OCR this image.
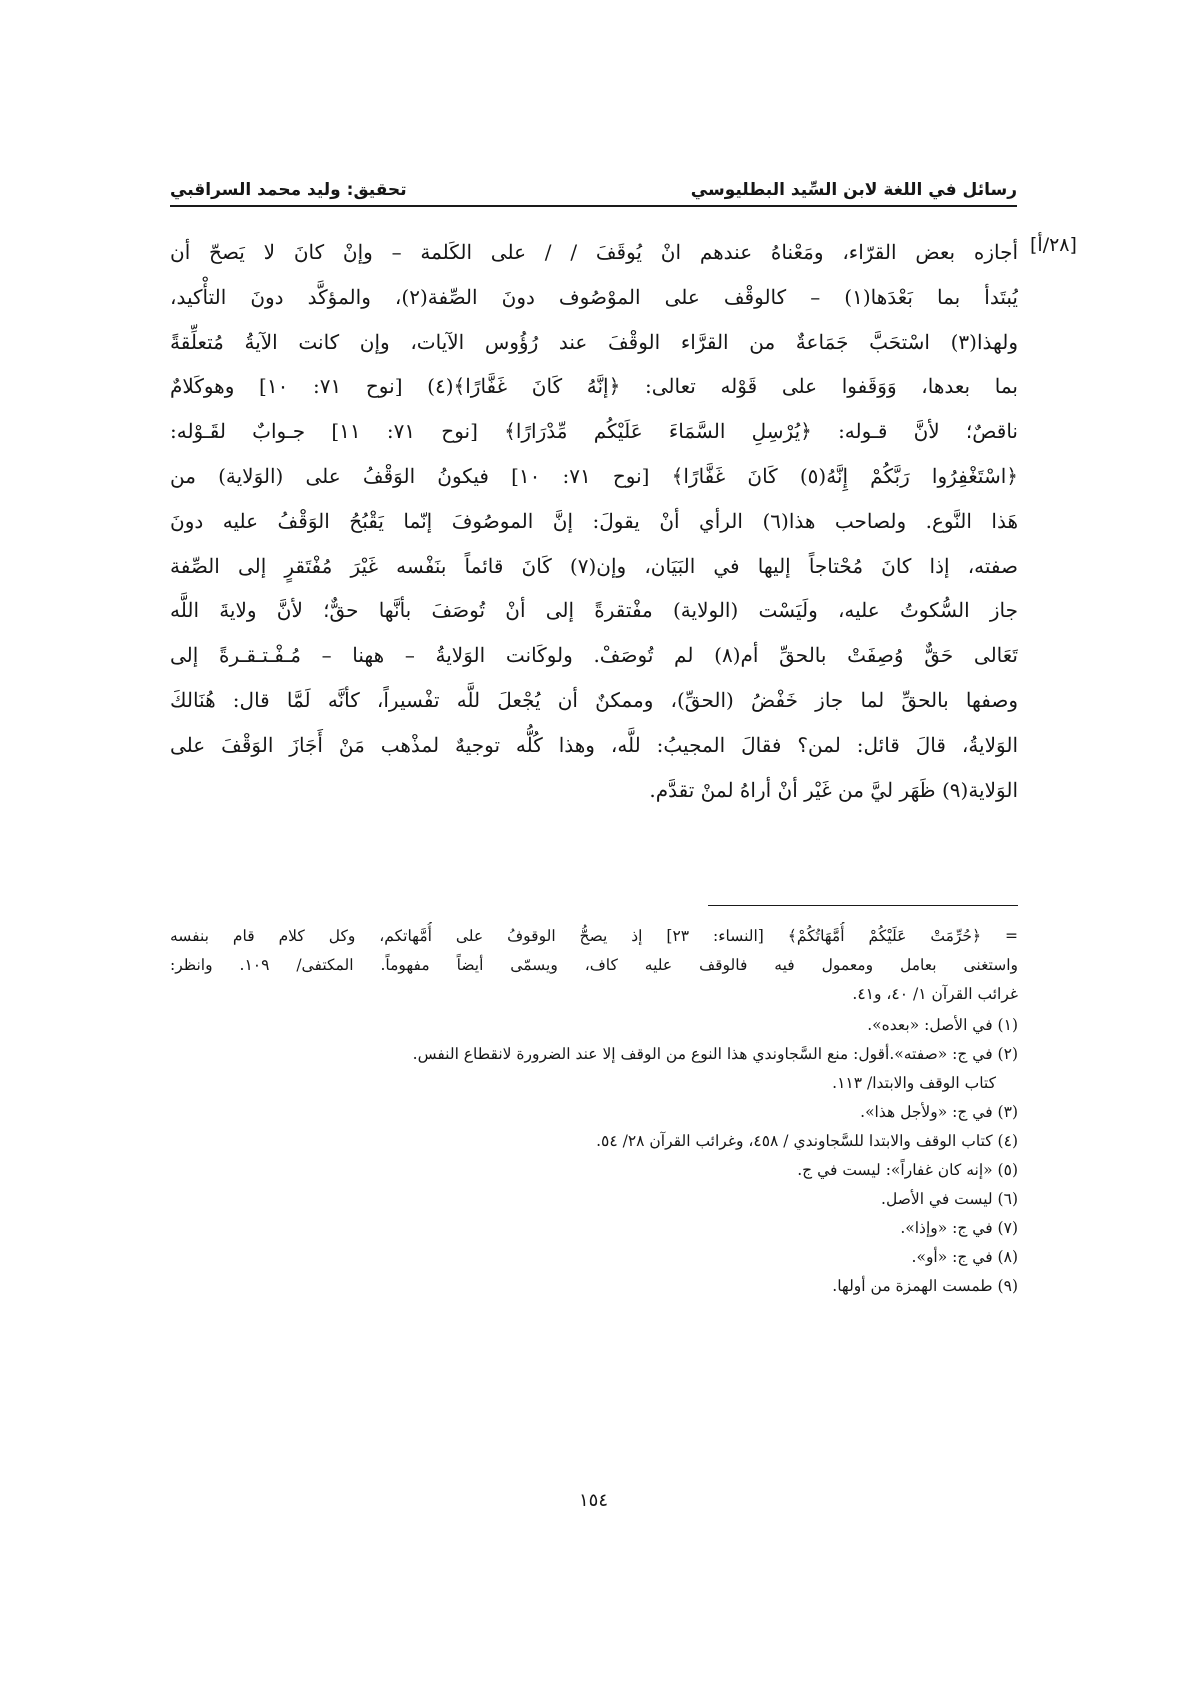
رسائل في اللغة لابن السِّيد البطليوسي
تحقيق: وليد محمد السراقبي
[٢٨/أ]
أجازه بعض القرّاء، ومَعْناهُ عندهم انْ يُوقَفَ / / على الكَلمة – وإنْ كانَ لا يَصحّ أن
يُبتَدأ بما بَعْدَها(١) – كالوقْف على الموْصُوف دونَ الصِّفة(٢)، والمؤكَّد دونَ التأْكيد،
ولهذا(٣) اسْتحَبَّ جَمَاعةٌ من القرَّاء الوقْفَ عند رُؤُوس الآيات، وإن كانت الآيةُ مُتعلِّقةً
بما بعدها، وَوَقَفوا على قَوْله تعالى: ﴿إنَّهُ كَانَ غَفَّارًا﴾(٤) [نوح ٧١: ١٠] وهوكَلامٌ
ناقصٌ؛ لأنَّ قـوله: ﴿يُرْسِلِ السَّمَاءَ عَلَيْكُم مِّدْرَارًا﴾ [نوح ٧١: ١١] جـوابٌ لقَـوْله:
﴿اسْتَغْفِرُوا رَبَّكُمْ إِنَّهُ(٥) كَانَ غَفَّارًا﴾ [نوح ٧١: ١٠] فيكونُ الوَقْفُ على (الوَلاية) من
هَذا النَّوع. ولصاحب هذا(٦) الرأي أنْ يقولَ: إنَّ الموصُوفَ إنّما يَقْبُحُ الوَقْفُ عليه دونَ
صفته، إذا كانَ مُحْتاجاً إليها في البَيَان، وإن(٧) كَانَ قائماً بنَفْسه غَيْرَ مُفْتَقرٍ إلى الصِّفة
جاز السُّكوتُ عليه، ولَيَسْت (الولاية) مفْتقرةً إلى أنْ تُوصَفَ بأنَّها حقٌّ؛ لأنَّ ولايةَ اللَّه
تَعَالى حَقٌّ وُصِفَتْ بالحقِّ أم(٨) لم تُوصَفْ. ولوكَانت الوَلايةُ – ههنا – مُـفْـتـقـرةً إلى
وصفها بالحقِّ لما جاز خَفْضُ (الحقِّ)، وممكنٌ أن يُجْعلَ للَّه تفْسيراً، كأنَّه لَمَّا قال: هُنَالكَ
الوَلايةُ، قالَ قائل: لمن؟ فقالَ المجيبُ: للَّه، وهذا كُلُّه توجيهٌ لمذْهب مَنْ أَجَازَ الوَقْفَ على
الوَلاية(٩) ظَهَر ليَّ من غَيْر أنْ أراهُ لمنْ تقدَّم.
= ﴿حُرِّمَتْ عَلَيْكُمْ أُمَّهَاتُكُمْ﴾ [النساء: ٢٣] إذ يصحُّ الوقوفُ على أُمَّهاتكم، وكل كلام قام بنفسه
واستغنى بعامل ومعمول فيه فالوقف عليه كاف، ويسمّى أيضاً مفهوماً. المكتفى/ ١٠٩. وانظر:
غرائب القرآن ١/ ٤٠، و٤١.
(١) في الأصل: «بعده».
(٢) في ج: «صفته».أقول: منع السَّجاوندي هذا النوع من الوقف إلا عند الضرورة لانقطاع النفس.
كتاب الوقف والابتدا/ ١١٣.
(٣) في ج: «ولأجل هذا».
(٤) كتاب الوقف والابتدا للسَّجاوندي / ٤٥٨، وغرائب القرآن ٢٨/ ٥٤.
(٥) «إنه كان غفاراً»: ليست في ج.
(٦) ليست في الأصل.
(٧) في ج: «وإذا».
(٨) في ج: «أو».
(٩) طمست الهمزة من أولها.
١٥٤
